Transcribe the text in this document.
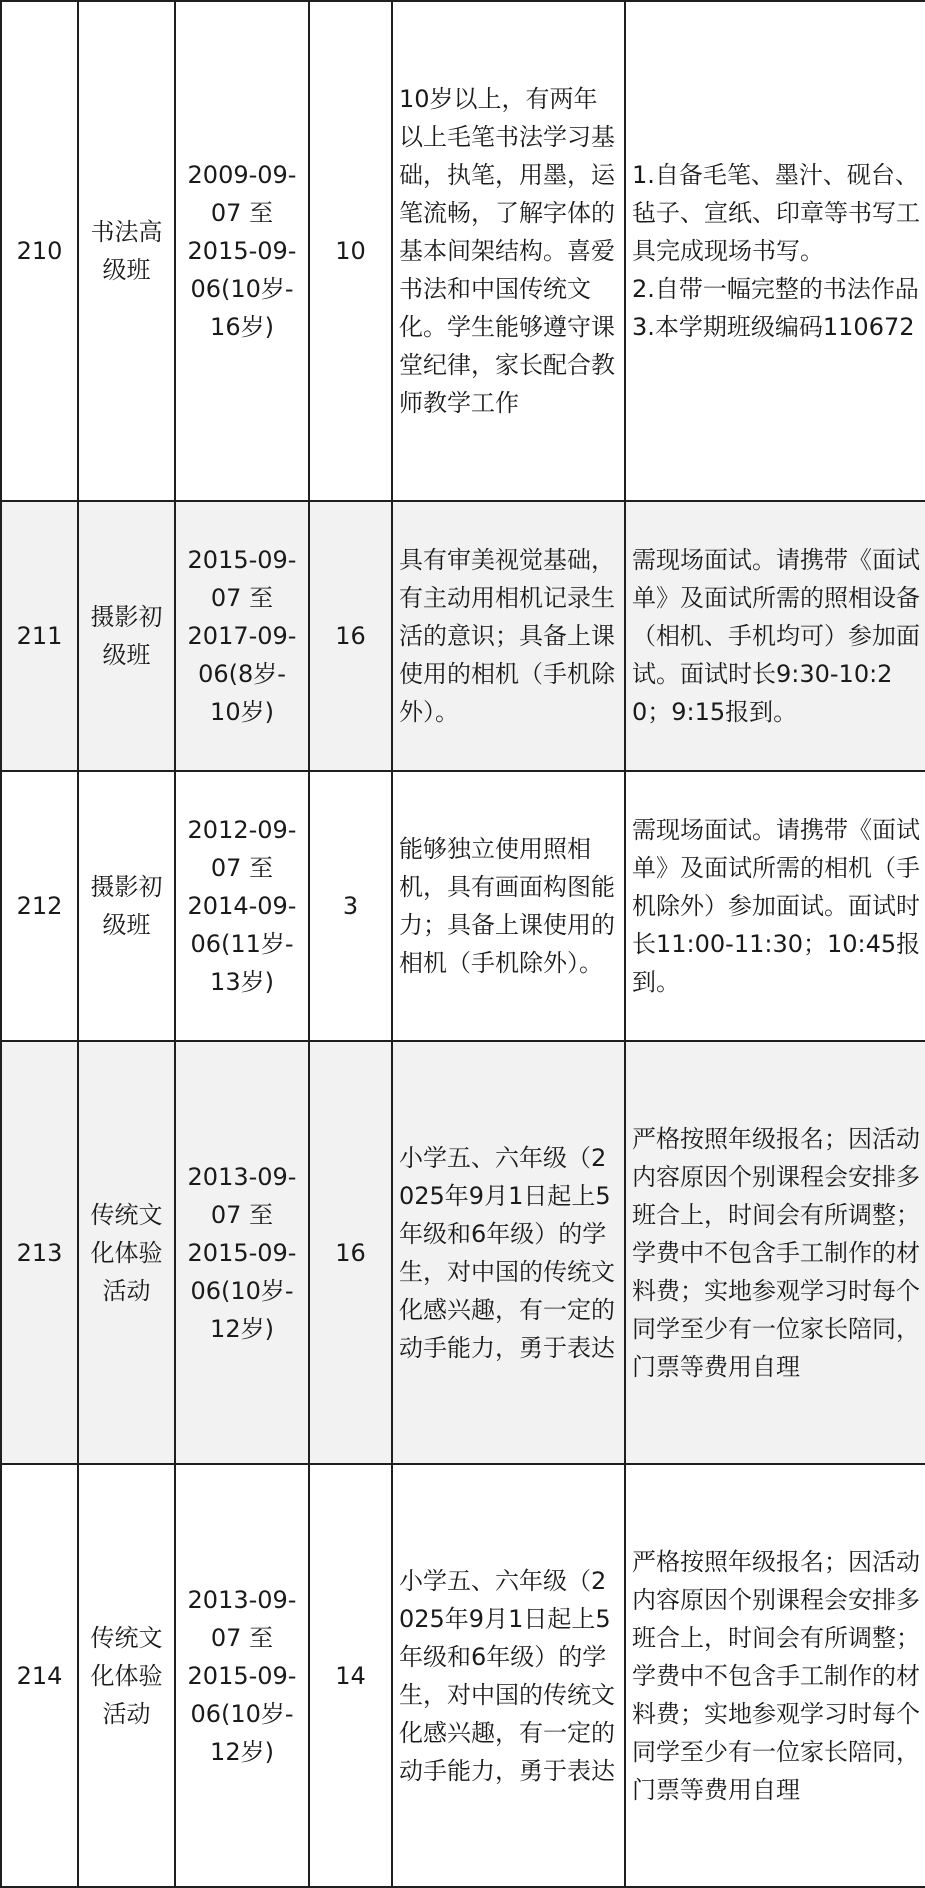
210	书法高
级班	2009-09-
07 至
2015-09-
06(10岁-
16岁)	10	10岁以上，有两年以上毛笔书法学习基础，执笔，用墨，运笔流畅，了解字体的基本间架结构。喜爱书法和中国传统文化。学生能够遵守课堂纪律，家长配合教师教学工作	1.自备毛笔、墨汁、砚台、毡子、宣纸、印章等书写工具完成现场书写。
2.自带一幅完整的书法作品
3.本学期班级编码110672

211	摄影初
级班	2015-09-
07 至
2017-09-
06(8岁-
10岁)	16	具有审美视觉基础，有主动用相机记录生活的意识；具备上课使用的相机（手机除外）。	需现场面试。请携带《面试单》及面试所需的照相设备（相机、手机均可）参加面试。面试时长9:30-10:20；9:15报到。

212	摄影初
级班	2012-09-
07 至
2014-09-
06(11岁-
13岁)	3	能够独立使用照相机，具有画面构图能力；具备上课使用的相机（手机除外）。	需现场面试。请携带《面试单》及面试所需的相机（手机除外）参加面试。面试时长11:00-11:30；10:45报到。

213	传统文
化体验
活动	2013-09-
07 至
2015-09-
06(10岁-
12岁)	16	小学五、六年级（2025年9月1日起上5年级和6年级）的学生，对中国的传统文化感兴趣，有一定的动手能力，勇于表达	严格按照年级报名；因活动内容原因个别课程会安排多班合上，时间会有所调整；学费中不包含手工制作的材料费；实地参观学习时每个同学至少有一位家长陪同，门票等费用自理

214	传统文
化体验
活动	2013-09-
07 至
2015-09-
06(10岁-
12岁)	14	小学五、六年级（2025年9月1日起上5年级和6年级）的学生，对中国的传统文化感兴趣，有一定的动手能力，勇于表达	严格按照年级报名；因活动内容原因个别课程会安排多班合上，时间会有所调整；学费中不包含手工制作的材料费；实地参观学习时每个同学至少有一位家长陪同，门票等费用自理
